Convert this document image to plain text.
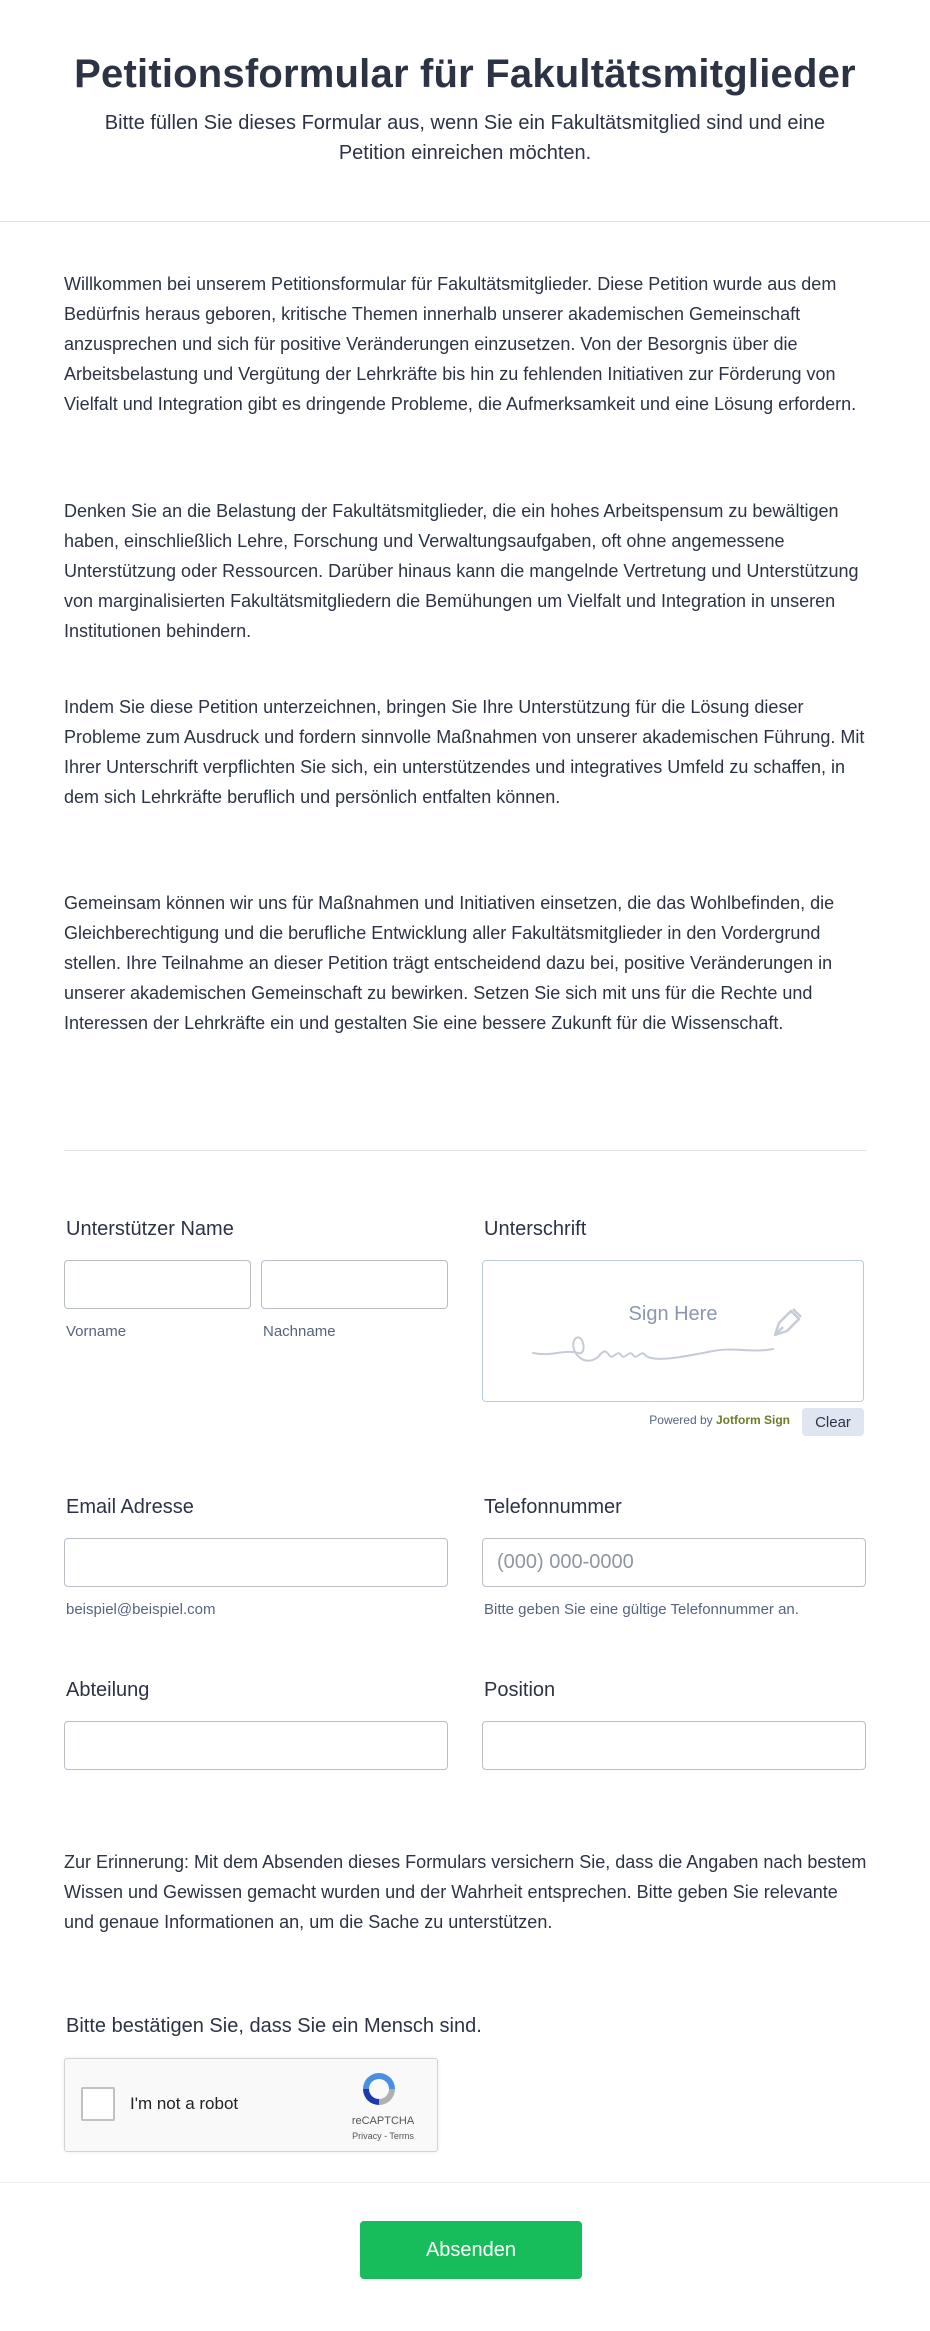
Petitionsformular für Fakultätsmitglieder
Bitte füllen Sie dieses Formular aus, wenn Sie ein Fakultätsmitglied sind und eine Petition einreichen möchten.

Willkommen bei unserem Petitionsformular für Fakultätsmitglieder. Diese Petition wurde aus dem Bedürfnis heraus geboren, kritische Themen innerhalb unserer akademischen Gemeinschaft anzusprechen und sich für positive Veränderungen einzusetzen. Von der Besorgnis über die Arbeitsbelastung und Vergütung der Lehrkräfte bis hin zu fehlenden Initiativen zur Förderung von Vielfalt und Integration gibt es dringende Probleme, die Aufmerksamkeit und eine Lösung erfordern.

Denken Sie an die Belastung der Fakultätsmitglieder, die ein hohes Arbeitspensum zu bewältigen haben, einschließlich Lehre, Forschung und Verwaltungsaufgaben, oft ohne angemessene Unterstützung oder Ressourcen. Darüber hinaus kann die mangelnde Vertretung und Unterstützung von marginalisierten Fakultätsmitgliedern die Bemühungen um Vielfalt und Integration in unseren Institutionen behindern.

Indem Sie diese Petition unterzeichnen, bringen Sie Ihre Unterstützung für die Lösung dieser Probleme zum Ausdruck und fordern sinnvolle Maßnahmen von unserer akademischen Führung. Mit Ihrer Unterschrift verpflichten Sie sich, ein unterstützendes und integratives Umfeld zu schaffen, in dem sich Lehrkräfte beruflich und persönlich entfalten können.

Gemeinsam können wir uns für Maßnahmen und Initiativen einsetzen, die das Wohlbefinden, die Gleichberechtigung und die berufliche Entwicklung aller Fakultätsmitglieder in den Vordergrund stellen. Ihre Teilnahme an dieser Petition trägt entscheidend dazu bei, positive Veränderungen in unserer akademischen Gemeinschaft zu bewirken. Setzen Sie sich mit uns für die Rechte und Interessen der Lehrkräfte ein und gestalten Sie eine bessere Zukunft für die Wissenschaft.

Unterstützer Name
Vorname	Nachname
Unterschrift
Sign Here
Powered by Jotform Sign	Clear
Email Adresse
beispiel@beispiel.com
Telefonnummer
(000) 000-0000
Bitte geben Sie eine gültige Telefonnummer an.
Abteilung	Position

Zur Erinnerung: Mit dem Absenden dieses Formulars versichern Sie, dass die Angaben nach bestem Wissen und Gewissen gemacht wurden und der Wahrheit entsprechen. Bitte geben Sie relevante und genaue Informationen an, um die Sache zu unterstützen.

Bitte bestätigen Sie, dass Sie ein Mensch sind.
I'm not a robot
reCAPTCHA
Privacy - Terms
Absenden
